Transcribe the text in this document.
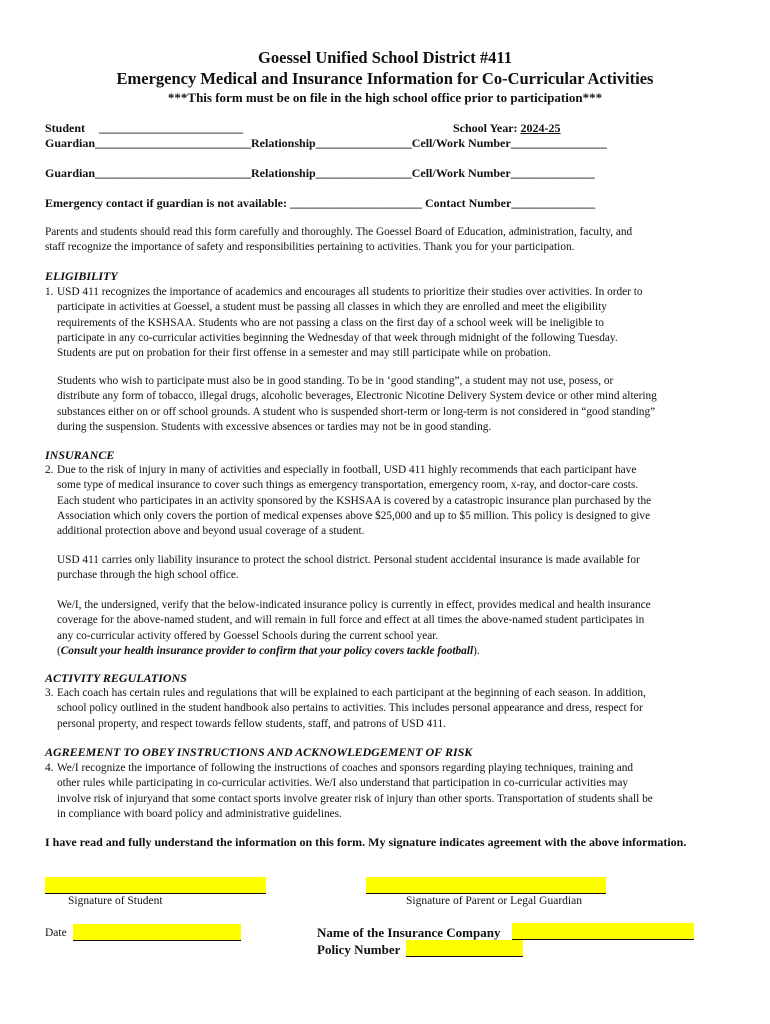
Goessel Unified School District #411
Emergency Medical and Insurance Information for Co-Curricular Activities
***This form must be on file in the high school office prior to participation***
Student ________________________	School Year: 2024-25
Guardian__________________________Relationship________________Cell/Work Number________________
Guardian__________________________Relationship________________Cell/Work Number______________
Emergency contact if guardian is not available: ______________________ Contact Number______________
Parents and students should read this form carefully and thoroughly. The Goessel Board of Education, administration, faculty, and
staff recognize the importance of safety and responsibilities pertaining to activities. Thank you for your participation.
ELIGIBILITY
1. USD 411 recognizes the importance of academics and encourages all students to prioritize their studies over activities. In order to
participate in activities at Goessel, a student must be passing all classes in which they are enrolled and meet the eligibility
requirements of the KSHSAA. Students who are not passing a class on the first day of a school week will be ineligible to
participate in any co-curricular activities beginning the Wednesday of that week through midnight of the following Tuesday.
Students are put on probation for their first offense in a semester and may still participate while on probation.
Students who wish to participate must also be in good standing. To be in ‘good standing”, a student may not use, posess, or
distribute any form of tobacco, illegal drugs, alcoholic beverages, Electronic Nicotine Delivery System device or other mind altering
substances either on or off school grounds. A student who is suspended short-term or long-term is not considered in “good standing”
during the suspension. Students with excessive absences or tardies may not be in good standing.
INSURANCE
2. Due to the risk of injury in many of activities and especially in football, USD 411 highly recommends that each participant have
some type of medical insurance to cover such things as emergency transportation, emergency room, x-ray, and doctor-care costs.
Each student who participates in an activity sponsored by the KSHSAA is covered by a catastropic insurance plan purchased by the
Association which only covers the portion of medical expenses above $25,000 and up to $5 million. This policy is designed to give
additional protection above and beyond usual coverage of a student.
USD 411 carries only liability insurance to protect the school district. Personal student accidental insurance is made available for
purchase through the high school office.
We/I, the undersigned, verify that the below-indicated insurance policy is currently in effect, provides medical and health insurance
coverage for the above-named student, and will remain in full force and effect at all times the above-named student participates in
any co-curricular activity offered by Goessel Schools during the current school year.
(Consult your health insurance provider to confirm that your policy covers tackle football).
ACTIVITY REGULATIONS
3. Each coach has certain rules and regulations that will be explained to each participant at the beginning of each season. In addition,
school policy outlined in the student handbook also pertains to activities. This includes personal appearance and dress, respect for
personal property, and respect towards fellow students, staff, and patrons of USD 411.
AGREEMENT TO OBEY INSTRUCTIONS AND ACKNOWLEDGEMENT OF RISK
4. We/I recognize the importance of following the instructions of coaches and sponsors regarding playing techniques, training and
other rules while participating in co-curricular activities. We/I also understand that participation in co-curricular activities may
involve risk of injuryand that some contact sports involve greater risk of injury than other sports. Transportation of students shall be
in compliance with board policy and administrative guidelines.
I have read and fully understand the information on this form. My signature indicates agreement with the above information.
Signature of Student	Signature of Parent or Legal Guardian
Date	Name of the Insurance Company
Policy Number
